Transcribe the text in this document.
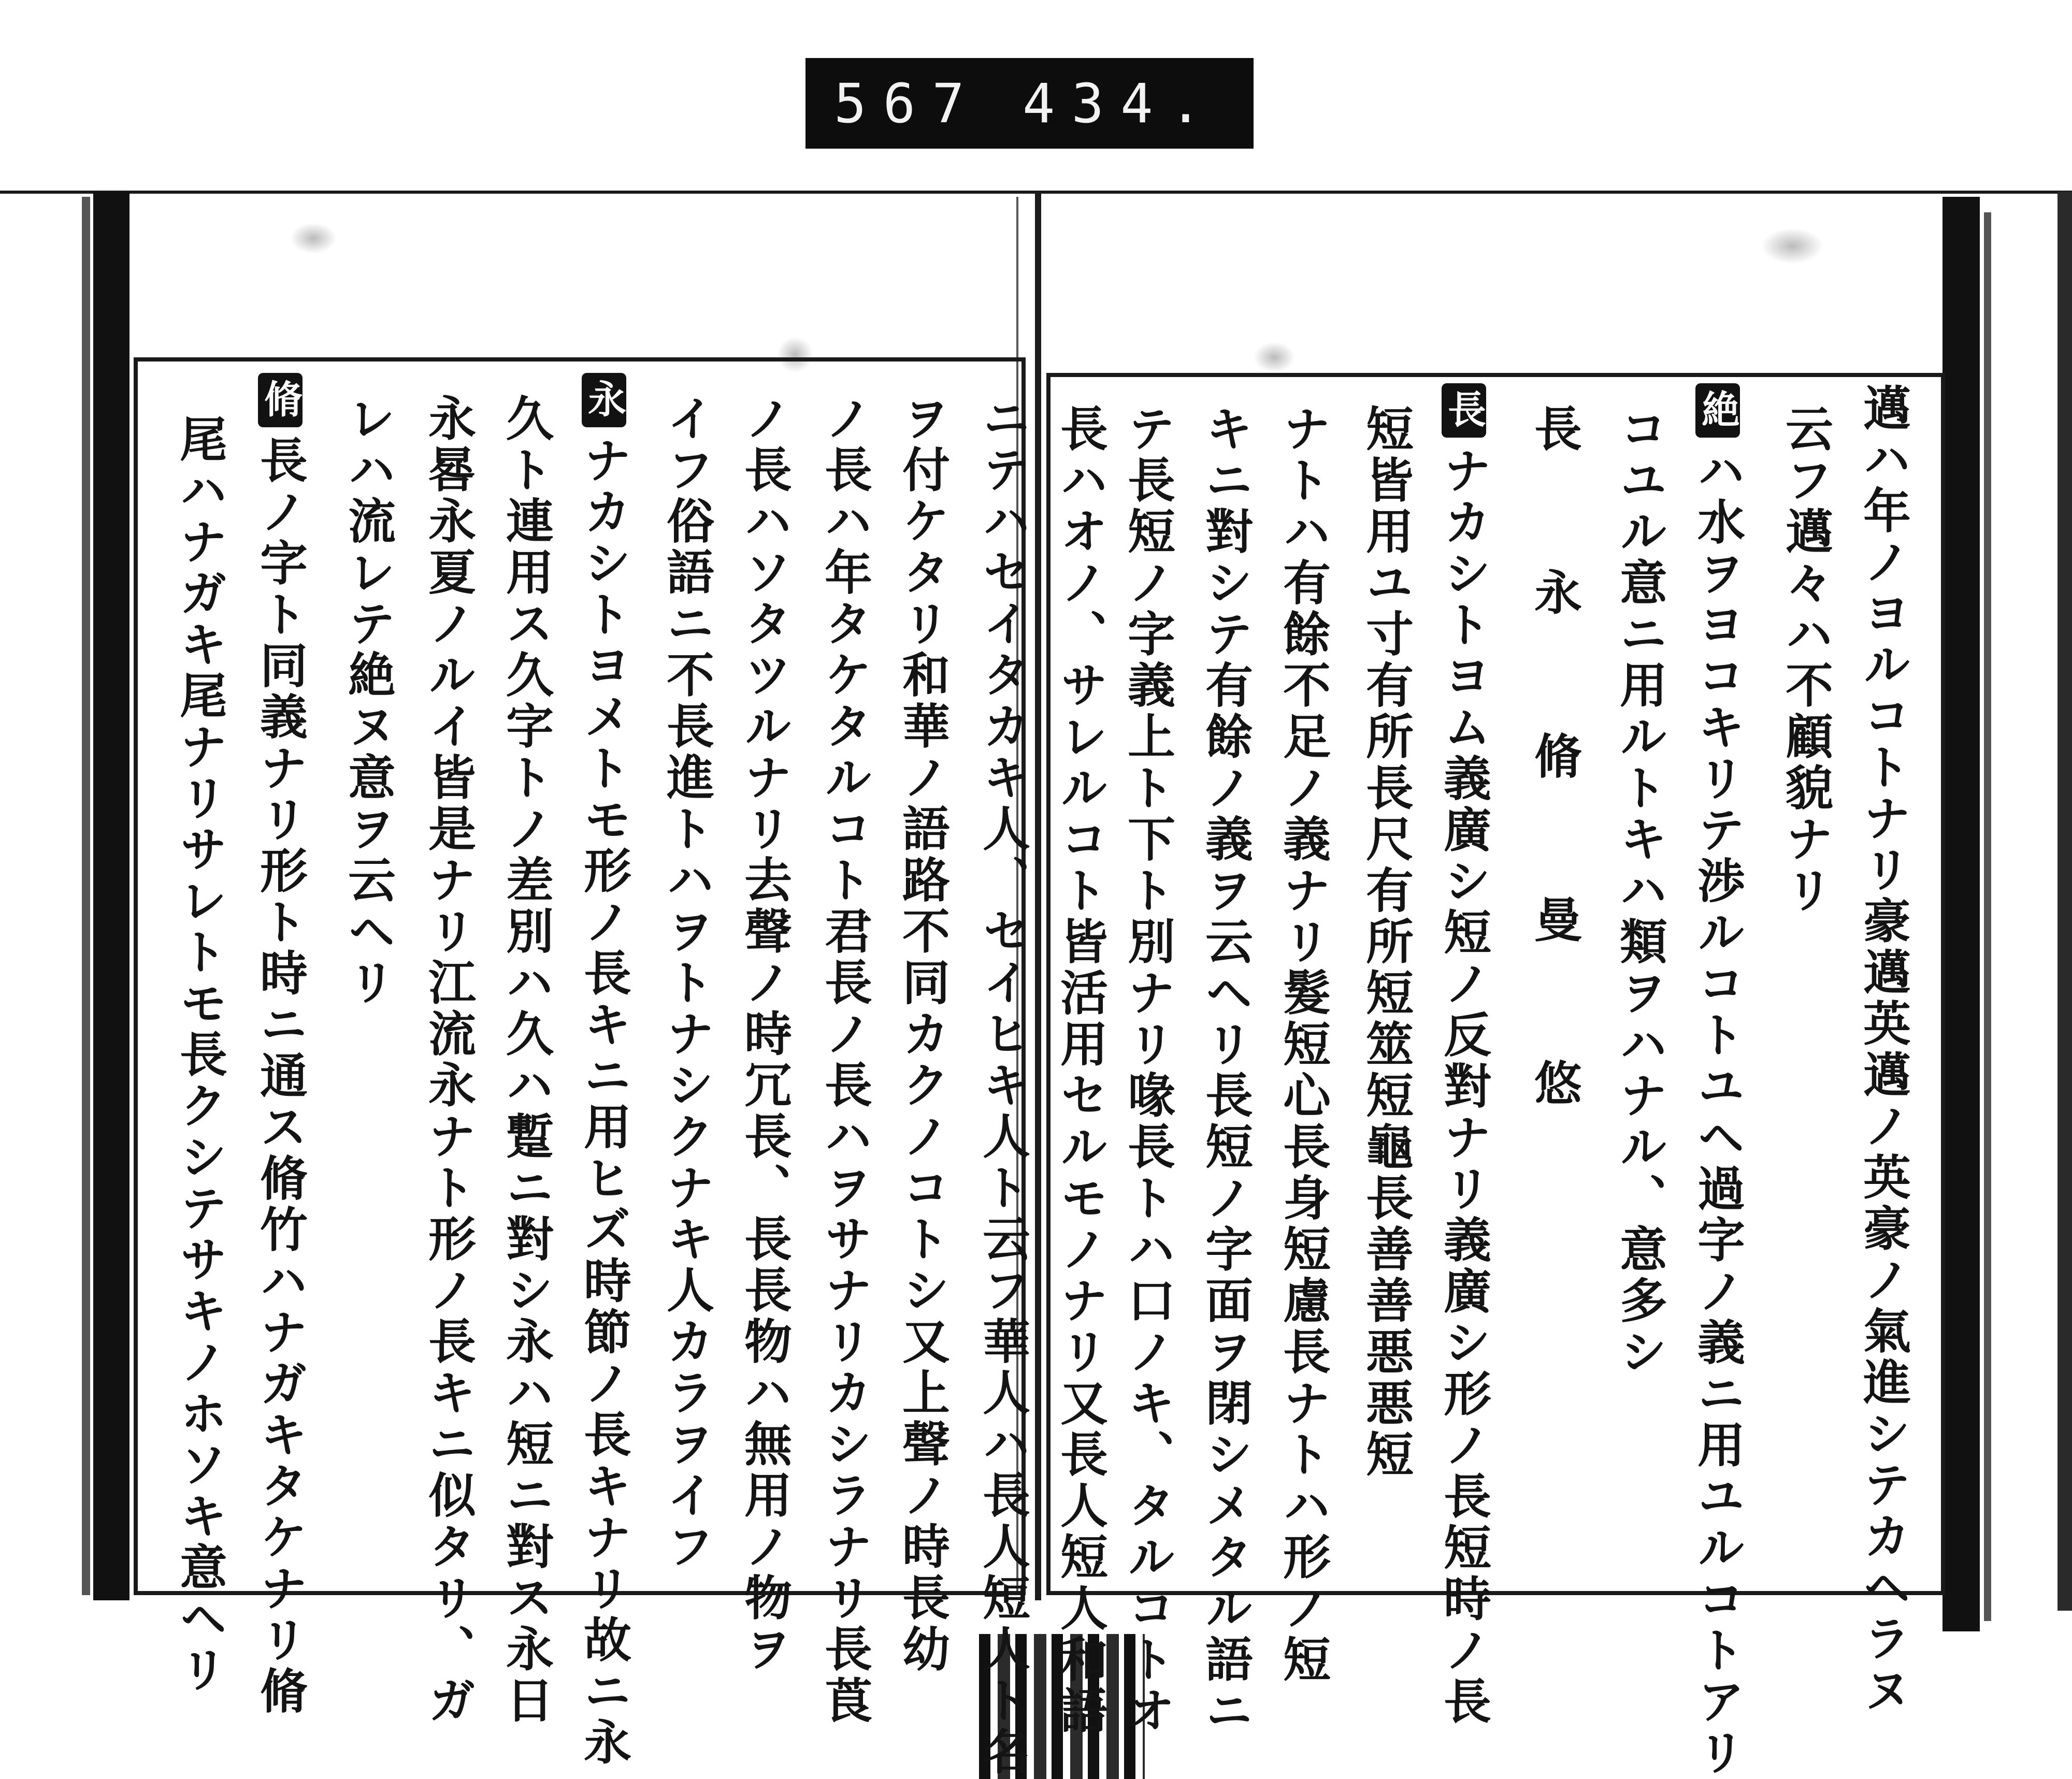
567 434.
ニテハセイタカキ人、セイヒキ人ト云フ華人ハ長人短人ト名
ヲ付ケタリ和華ノ語路不同カクノコトシ又上聲ノ時長幼
ノ長ハ年タケタルコト君長ノ長ハヲサナリカシラナリ長莨
ノ長ハソタツルナリ去聲ノ時冗長、長長物ハ無用ノ物ヲ
イフ俗語ニ不長進トハヲトナシクナキ人カラヲイフ
永ナカシトヨメトモ形ノ長キニ用ヒズ時節ノ長キナリ故ニ永
久ト連用ス久字トノ差別ハ久ハ蹔ニ對シ永ハ短ニ對ス永日
永晷永夏ノルイ皆是ナリ江流永ナト形ノ長キニ似タリ、ガ
レハ流レテ絶ヌ意ヲ云ヘリ
脩長ノ字ト同義ナリ形ト時ニ通ス脩竹ハナガキタケナリ脩
尾ハナガキ尾ナリサレトモ長クシテサキノホソキ意ヘリ	邁ハ年ノヨルコトナリ豪邁英邁ノ英豪ノ氣進シテカヘラヌ
云フ邁々ハ不顧貌ナリ
絶ハ水ヲヨコキリテ渉ルコトユヘ過字ノ義ニ用ユルコトアリ
コユル意ニ用ルトキハ類ヲハナル、意多シ
長　永　脩　曼　悠
長ナカシトヨム義廣シ短ノ反對ナリ義廣シ形ノ長短時ノ長
短皆用ユ寸有所長尺有所短筮短龜長善善悪悪短
ナトハ有餘不足ノ義ナリ髮短心長身短慮長ナトハ形ノ短
キニ對シテ有餘ノ義ヲ云ヘリ長短ノ字面ヲ閉シメタル語ニ
テ長短ノ字義上ト下ト別ナリ喙長トハ口ノキ、タルコトオ
長ハオノ、サレルコト皆活用セルモノナリ又長人短人和語
